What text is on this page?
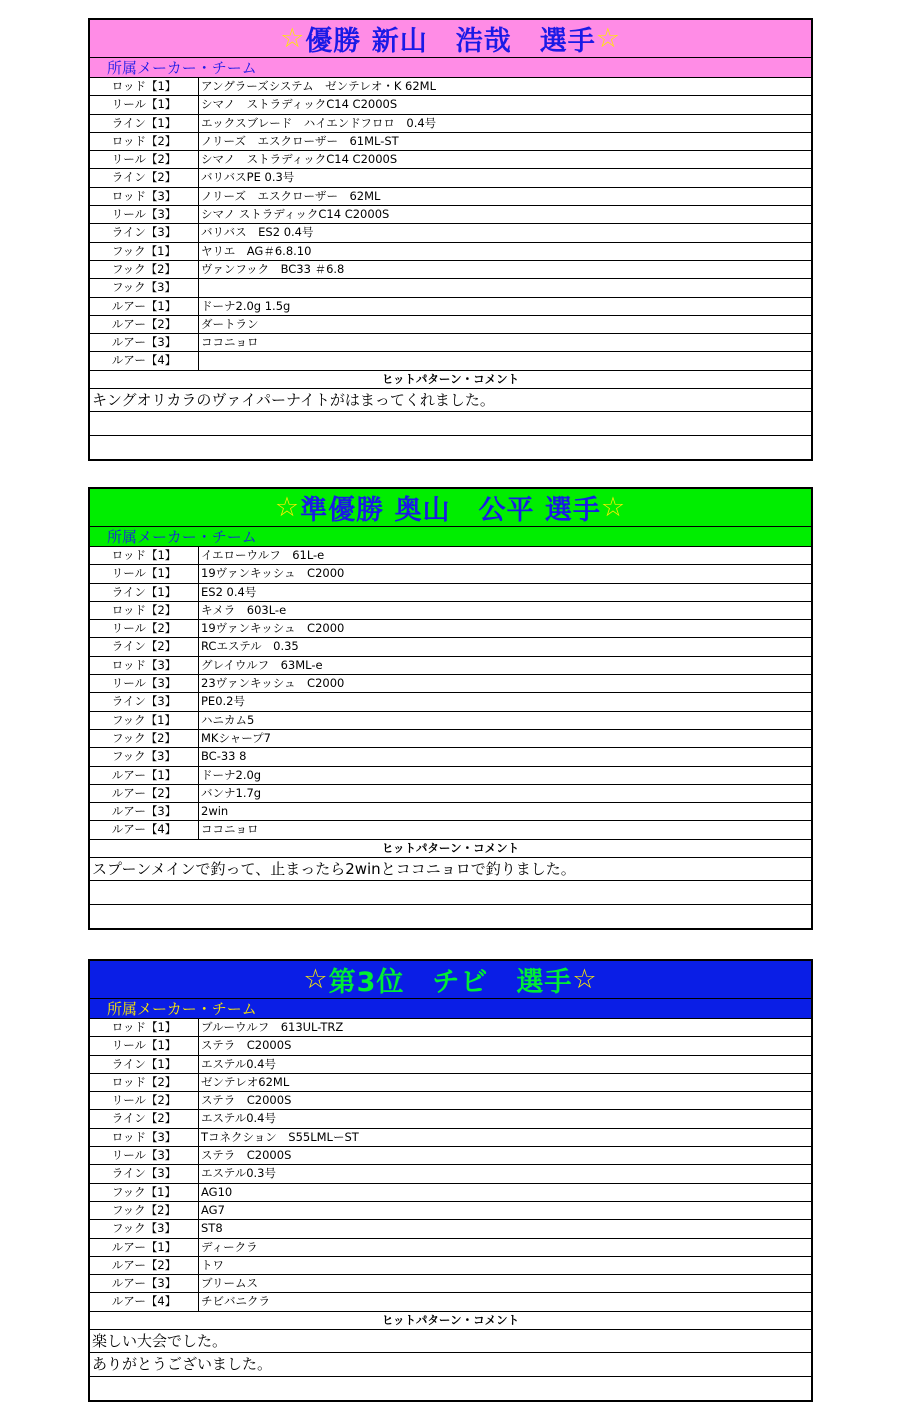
☆ 優勝 新山　浩哉　選手 ☆
所属メーカー・チーム
ロッド【1】	アングラーズシステム　ゼンテレオ・K 62ML
リール【1】	シマノ　ストラディックC14 C2000S
ライン【1】	エックスブレード　ハイエンドフロロ　0.4号
ロッド【2】	ノリーズ　エスクローザー　61ML-ST
リール【2】	シマノ　ストラディックC14 C2000S
ライン【2】	バリバスPE 0.3号
ロッド【3】	ノリーズ　エスクローザー　62ML
リール【3】	シマノ ストラディックC14 C2000S
ライン【3】	バリバス　ES2 0.4号
フック【1】	ヤリエ　AG＃6.8.10
フック【2】	ヴァンフック　BC33 ＃6.8
フック【3】
ルアー【1】	ドーナ2.0g 1.5g
ルアー【2】	ダートラン
ルアー【3】	ココニョロ
ルアー【4】
ヒットパターン・コメント
キングオリカラのヴァイパーナイトがはまってくれました。
☆ 準優勝 奥山　公平 選手 ☆
所属メーカー・チーム
ロッド【1】	イエローウルフ　61L-e
リール【1】	19ヴァンキッシュ　C2000
ライン【1】	ES2 0.4号
ロッド【2】	キメラ　603L-e
リール【2】	19ヴァンキッシュ　C2000
ライン【2】	RCエステル　0.35
ロッド【3】	グレイウルフ　63ML-e
リール【3】	23ヴァンキッシュ　C2000
ライン【3】	PE0.2号
フック【1】	ハニカム5
フック【2】	MKシャープ7
フック【3】	BC-33 8
ルアー【1】	ドーナ2.0g
ルアー【2】	バンナ1.7g
ルアー【3】	2win
ルアー【4】	ココニョロ
ヒットパターン・コメント
スプーンメインで釣って、止まったら2winとココニョロで釣りました。
☆ 第3位　チビ　選手 ☆
所属メーカー・チーム
ロッド【1】	ブルーウルフ　613UL-TRZ
リール【1】	ステラ　C2000S
ライン【1】	エステル0.4号
ロッド【2】	ゼンテレオ62ML
リール【2】	ステラ　C2000S
ライン【2】	エステル0.4号
ロッド【3】	Tコネクション　S55LMLーST
リール【3】	ステラ　C2000S
ライン【3】	エステル0.3号
フック【1】	AG10
フック【2】	AG7
フック【3】	ST8
ルアー【1】	ディークラ
ルアー【2】	トワ
ルアー【3】	ブリームス
ルアー【4】	チビバニクラ
ヒットパターン・コメント
楽しい大会でした。
ありがとうございました。
